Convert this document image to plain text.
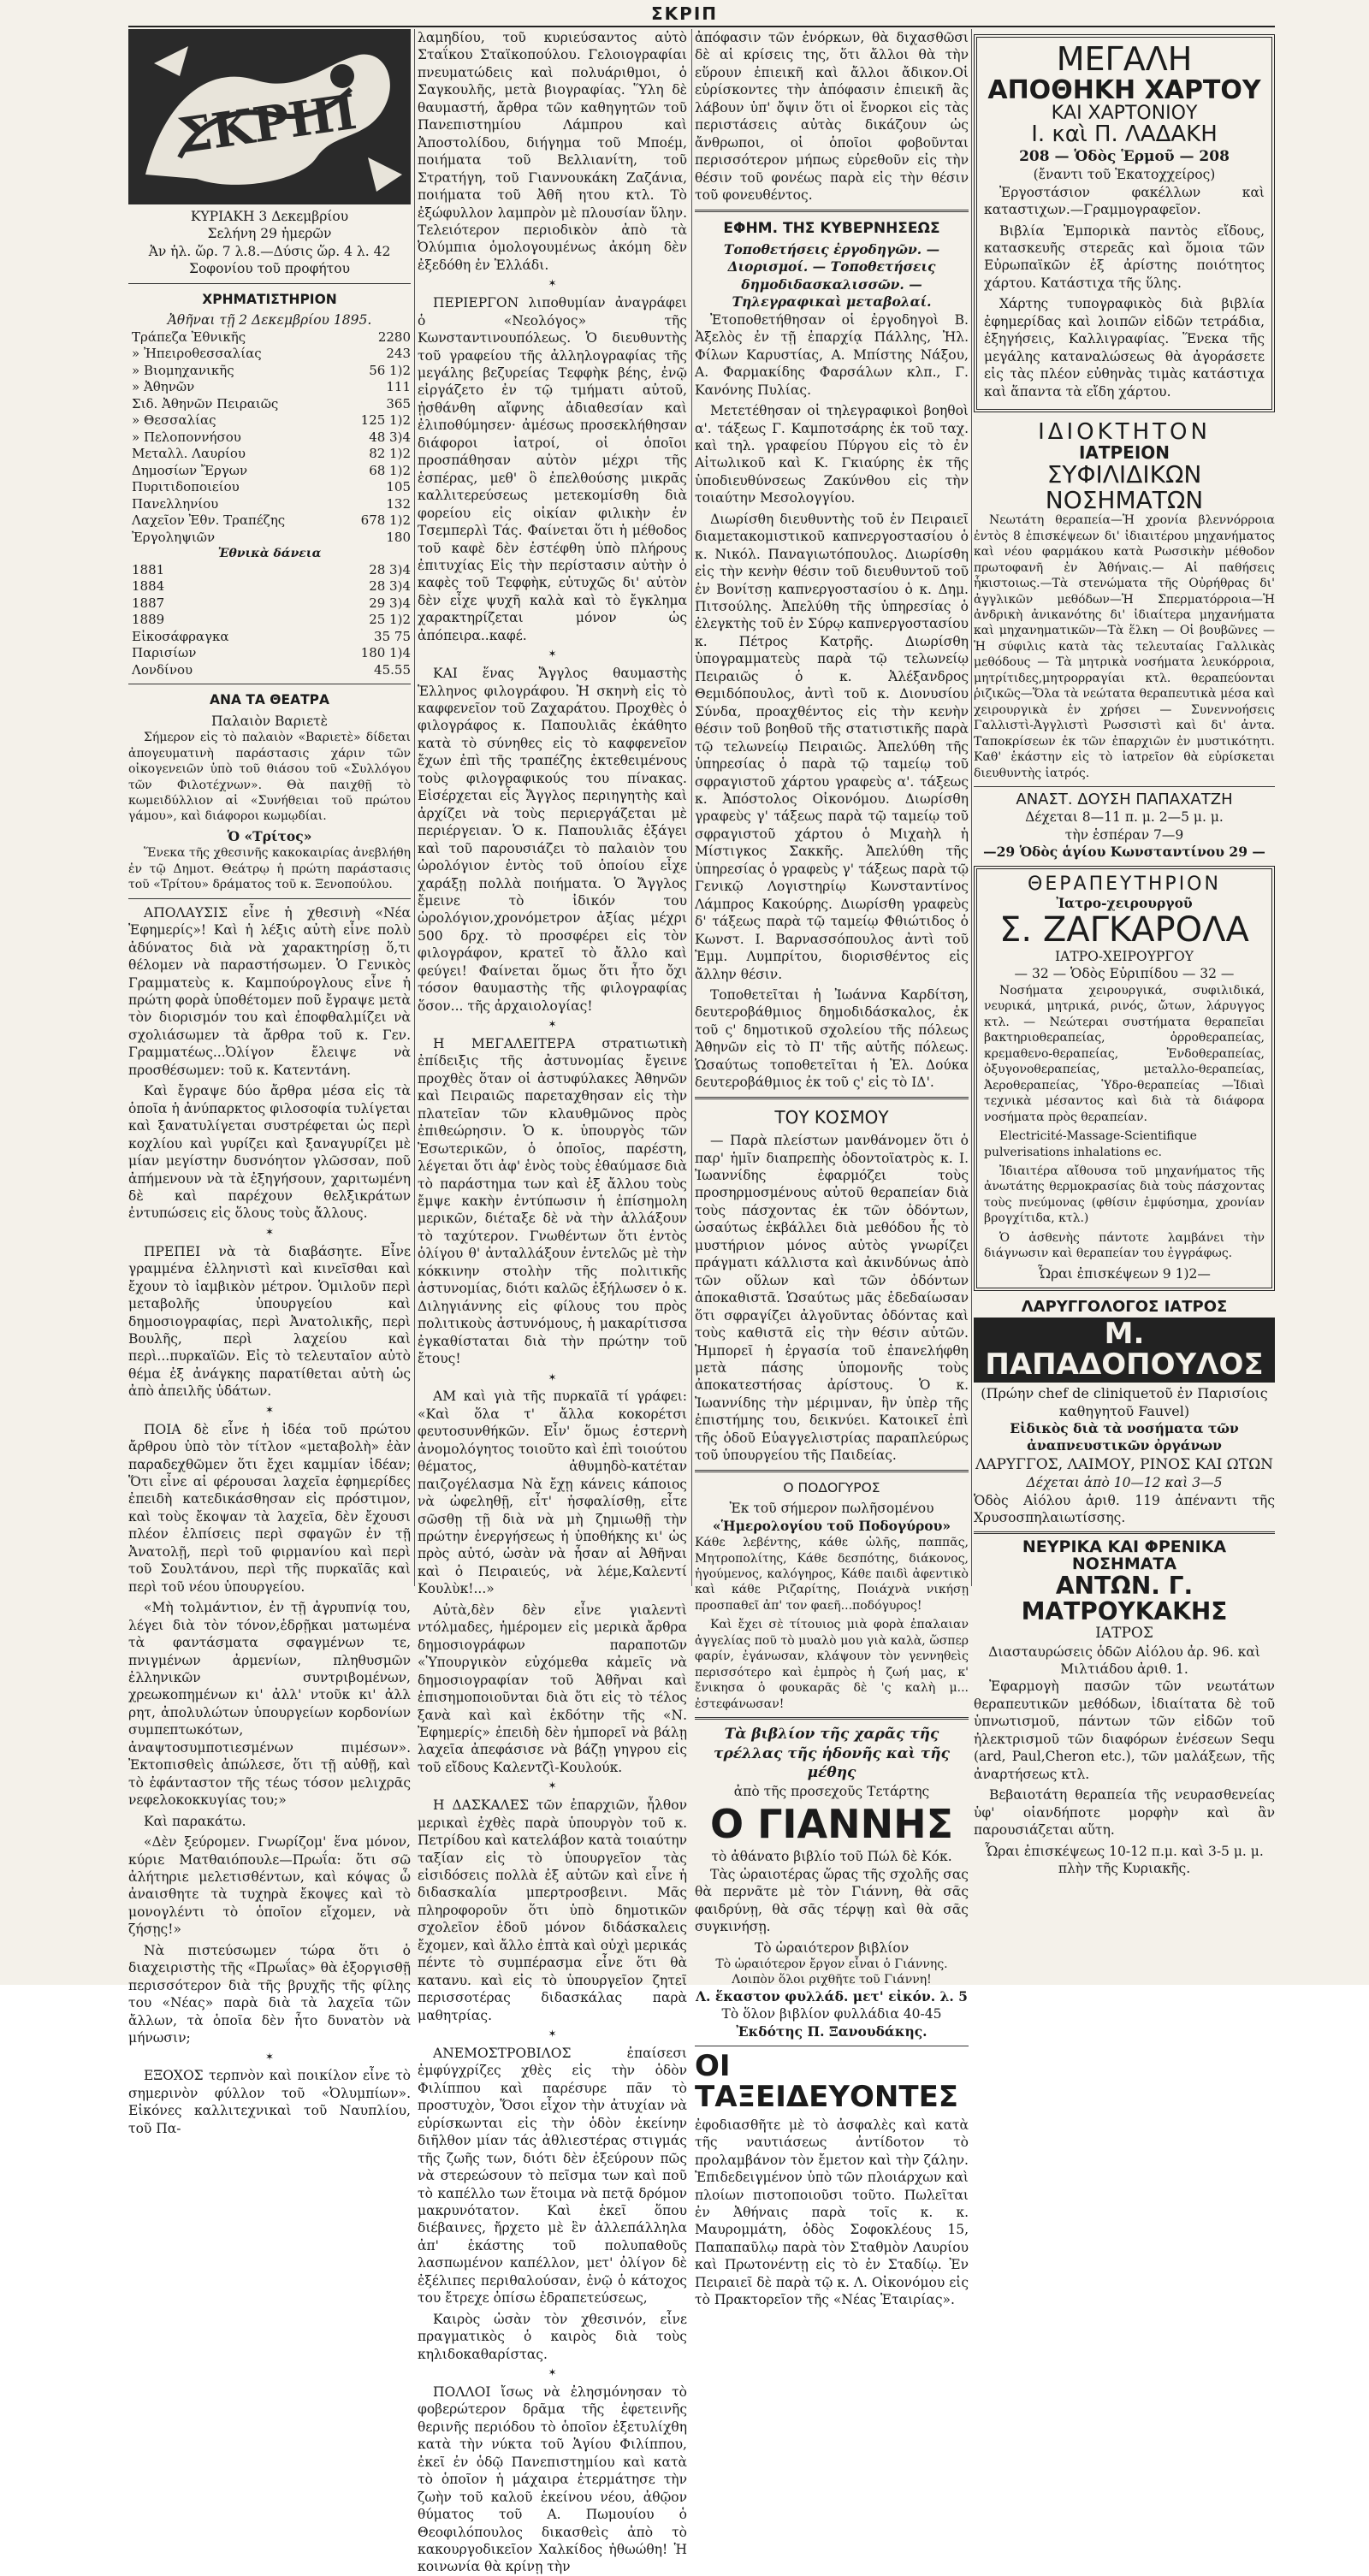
ΣΚΡΙΠ
ΣΚΡΙΠ
ΚΥΡΙΑΚΗ 3 Δεκεμβρίου
Σελήνη 29 ἡμερῶν
Ἀν ἡλ. ὥρ. 7 λ.8.—Δύσις ὥρ. 4 λ. 42
Σοφονίου τοῦ προφήτου
ΧΡΗΜΑΤΙΣΤΗΡΙΟΝ
Ἀθῆναι τῇ 2 Δεκεμβρίου 1895.
Τράπεζα Ἐθνικῆς	2280
» Ἠπειροθεσσαλίας	243
» Βιομηχανικῆς	56 1)2
» Ἀθηνῶν	111
Σιδ. Ἀθηνῶν Πειραιῶς	365
» Θεσσαλίας	125 1)2
» Πελοποννήσου	48 3)4
Μεταλλ. Λαυρίου	82 1)2
Δημοσίων Ἔργων	68 1)2
Πυριτιδοποιείου	105
Πανελληνίου	132
Λαχεῖον Ἐθν. Τραπέζης	678 1)2
Ἐργοληψιῶν	180
Ἐθνικὰ δάνεια
1881	28 3)4
1884	28 3)4
1887	29 3)4
1889	25 1)2
Εἰκοσάφραγκα	35 75
Παρισίων	180 1)4
Λονδίνου	45.55
ΑΝΑ ΤΑ ΘΕΑΤΡΑ
Παλαιὸν Βαριετὲ

Σήμερον εἰς τὸ παλαιὸν «Βαριετὲ» δίδεται ἀπογευματινὴ παράστασις χάριν τῶν οἰκογενειῶν ὑπὸ τοῦ θιάσου τοῦ «Συλλόγου τῶν Φιλοτέχνων». Θὰ παιχθῇ τὸ κωμειδύλλιον αἱ «Συνήθειαι τοῦ πρώτου γάμου», καὶ διάφοροι κωμῳδίαι.

Ὁ «Τρίτος»

Ἕνεκα τῆς χθεσινῆς κακοκαιρίας ἀνεβλήθη ἐν τῷ Δημοτ. Θεάτρῳ ἡ πρώτη παράστασις τοῦ «Τρίτου» δράματος τοῦ κ. Ξενοπούλου.

ΑΠΟΛΑΥΣΙΣ εἶνε ἡ χθεσινὴ «Νέα Ἐφημερίς»! Καὶ ἡ λέξις αὐτὴ εἶνε πολὺ ἀδύνατος διὰ νὰ χαρακτηρίσῃ ὅ,τι θέλομεν νὰ παραστήσωμεν. Ὁ Γενικὸς Γραμματεὺς κ. Καμπούρογλους εἶνε ἡ πρώτη φορὰ ὑποθέτομεν ποῦ ἔγραψε μετὰ τὸν διορισμόν του καὶ ἐποφθαλμίζει νὰ σχολιάσωμεν τὰ ἄρθρα τοῦ κ. Γεν. Γραμματέως...Ὀλίγον ἔλειψε νὰ προσθέσωμεν: τοῦ κ. Κατεντάνη.

Καὶ ἔγραψε δύο ἄρθρα μέσα εἰς τὰ ὁποῖα ἡ ἀνύπαρκτος φιλοσοφία τυλίγεται καὶ ξανατυλίγεται συστρέφεται ὡς περὶ κοχλίου καὶ γυρίζει καὶ ξαναγυρίζει μὲ μίαν μεγίστην δυσνόητον γλῶσσαν, ποῦ ἀπήμενουν νὰ τὰ ἐξηγήσουν, χαριτωμένη δὲ καὶ παρέχουν θελξικράτων ἐντυπώσεις εἰς ὅλους τοὺς ἄλλους.

✶

ΠΡΕΠΕΙ νὰ τὰ διαβάσητε. Εἶνε γραμμένα ἐλληνιστὶ καὶ κινεῖσθαι καὶ ἔχουν τὸ ἰαμβικὸν μέτρον. Ὁμιλοῦν περὶ μεταβολῆς ὑπουργείου καὶ δημοσιογραφίας, περὶ Ἀνατολικῆς, περὶ Βουλῆς, περὶ λαχείου καὶ περὶ...πυρκαϊῶν. Εἰς τὸ τελευταῖον αὐτὸ θέμα ἐξ ἀνάγκης παρατίθεται αὐτὴ ὡς ἀπὸ ἀπειλῆς ὑδάτων.

✶

ΠΟΙΑ δὲ εἶνε ἡ ἰδέα τοῦ πρώτου ἄρθρου ὑπὸ τὸν τίτλον «μεταβολὴ» ἐὰν παραδεχθῶμεν ὅτι ἔχει καμμίαν ἰδέαν; Ὅτι εἶνε αἱ φέρουσαι λαχεῖα ἐφημερίδες ἐπειδὴ κατεδικάσθησαν εἰς πρόστιμον, καὶ τοὺς ἔκοψαν τὰ λαχεῖα, δὲν ἔχουσι πλέον ἐλπίσεις περὶ σφαγῶν ἐν τῇ Ἀνατολῇ, περὶ τοῦ φιρμανίου καὶ περὶ τοῦ Σουλτάνου, περὶ τῆς πυρκαϊᾶς καὶ περὶ τοῦ νέου ὑπουργείου.

«Μὴ τολμάντιον, ἐν τῇ ἀγρυπνίᾳ του, λέγει διὰ τὸν τόνον,ἐδρῇκαι ματωμένα τὰ φαντάσματα σφαγμένων τε, πνιγμένων ἀρμενίων, πληθυσμῶν ἐλληνικῶν συντριβομένων, χρεωκοπημένων κι' ἀλλ' ντοῦκ κι' ἀλλ ρητ, ἀπολυλώτων ὑπουργείων κορδονίων συμπεπτωκότων, ἀναψτοσυμποτιεσμένων πιμέσων». Ἐκτοπισθεὶς ἀπώλεσε, ὅτι τῇ αὐθῇ, καὶ τὸ ἐφάνταστον τῆς τέως τόσον μελιχρᾶς νεφελοκοκκυγίας του;»

Καὶ παρακάτω.

«Δὲν ξεύρομεν. Γνωρίζομ' ἕνα μόνον, κύριε Ματθαιόπουλε—Πρωΐα: ὅτι σῶ ἀλήτηριε μελετισθέντων, καὶ κόψας ὦ ἀναισθητε τὰ τυχηρὰ ἔκοψες καὶ τὸ μονογλέντι τὸ ὁποῖον εἴχομεν, νὰ ζήσῃς!»

Νὰ πιστεύσωμεν τώρα ὅτι ὁ διαχειριστὴς τῆς «Πρωΐας» θὰ ἐξοργισθῇ περισσότερον διὰ τῆς βρυχῆς τῆς φίλης του «Νέας» παρὰ διὰ τὰ λαχεῖα τῶν ἄλλων, τὰ ὁποῖα δὲν ἦτο δυνατὸν νὰ μήνωσιν;

✶

ΕΞΟΧΟΣ τερπνὸν καὶ ποικίλον εἶνε τὸ σημερινὸν φύλλον τοῦ «Ὀλυμπίων». Εἰκόνες καλλιτεχνικαὶ τοῦ Ναυπλίου, τοῦ Πα-

λαμηδίου, τοῦ κυριεύσαντος αὐτὸ Σταΐκου Σταϊκοπούλου. Γελοιογραφίαι πνευματώδεις καὶ πολυάριθμοι, ὁ Σαγκουλῆς, μετὰ βιογραφίας. Ὕλη δὲ θαυμαστή, ἄρθρα τῶν καθηγητῶν τοῦ Πανεπιστημίου Λάμπρου καὶ Ἀποστολίδου, διήγημα τοῦ Μποέμ, ποιήματα τοῦ Βελλιανίτη, τοῦ Στρατήγη, τοῦ Γιαννουκάκη Ζαζάνια, ποιήματα τοῦ Ἀθῆ ητου κτλ. Τὸ ἐξώφυλλον λαμπρὸν μὲ πλουσίαν ὕλην. Τελειότερον περιοδικὸν ἀπὸ τὰ Ὀλύμπια ὁμολογουμένως ἀκόμη δὲν ἐξεδόθη ἐν Ἑλλάδι.

✶

ΠΕΡΙΕΡΓΟΝ λιποθυμίαν ἀναγράφει ὁ «Νεολόγος» τῆς Κωνσταντινουπόλεως. Ὁ διευθυντὴς τοῦ γραφείου τῆς ἀλληλογραφίας τῆς μεγάλης βεζυρείας Τεφφὴκ βέης, ἐνῷ εἰργάζετο ἐν τῷ τμήματι αὐτοῦ, ᾐσθάνθη αἴφνης ἀδιαθεσίαν καὶ ἐλιποθύμησεν· ἀμέσως προσεκλήθησαν διάφοροι ἰατροί, οἱ ὁποῖοι προσπάθησαν αὐτὸν μέχρι τῆς ἑσπέρας, μεθ' ὃ ἐπελθούσης μικρᾶς καλλιτερεύσεως μετεκομίσθη διὰ φορείου εἰς οἰκίαν φιλικὴν ἐν Τσεμπερλὶ Τάς. Φαίνεται ὅτι ἡ μέθοδος τοῦ καφὲ δὲν ἐστέφθη ὑπὸ πλήρους ἐπιτυχίας Εἰς τὴν περίστασιν αὐτὴν ὁ καφὲς τοῦ Τεφφὴκ, εὐτυχῶς δι' αὐτὸν δὲν εἶχε ψυχῆ καλὰ καὶ τὸ ἔγκλημα χαρακτηρίζεται μόνον ὡς ἀπόπειρα..καφέ.

✶

ΚΑΙ ἕνας Ἄγγλος θαυμαστὴς Ἑλληνος φιλογράφου. Ἡ σκηνὴ εἰς τὸ καφφενεῖον τοῦ Ζαχαράτου. Προχθὲς ὁ φιλογράφος κ. Παπουλιᾶς ἐκάθητο κατὰ τὸ σύνηθες εἰς τὸ καφφενεῖον ἔχων ἐπὶ τῆς τραπέζης ἐκτεθειμένους τοὺς φιλογραφικούς του πίνακας. Εἰσέρχεται εἷς Ἄγγλος περιηγητὴς καὶ ἀρχίζει νὰ τοὺς περιεργάζεται μὲ περιέργειαν. Ὁ κ. Παπουλιᾶς ἐξάγει καὶ τοῦ παρουσιάζει τὸ παλαιὸν του ὡρολόγιον ἐντὸς τοῦ ὁποίου εἶχε χαράξῃ πολλὰ ποιήματα. Ὁ Ἄγγλος ἔμεινε τὸ ἰδικόν του ὡρολόγιον,χρονόμετρον ἀξίας μέχρι 500 δρχ. τὸ προσφέρει εἰς τὸν φιλογράφον, κρατεῖ τὸ ἄλλο καὶ φεύγει! Φαίνεται ὅμως ὅτι ἦτο ὄχι τόσον θαυμαστὴς τῆς φιλογραφίας ὅσον... τῆς ἀρχαιολογίας!

✶

Η ΜΕΓΑΛΕΙΤΕΡΑ στρατιωτικὴ ἐπίδειξις τῆς ἀστυνομίας ἔγεινε προχθὲς ὅταν οἱ ἀστυφύλακες Ἀθηνῶν καὶ Πειραιῶς παρεταχθησαν εἰς τὴν πλατεῖαν τῶν κλαυθμῶνος πρὸς ἐπιθεώρησιν. Ὁ κ. ὑπουργὸς τῶν Ἐσωτερικῶν, ὁ ὁποῖος, παρέστη, λέγεται ὅτι ἀφ' ἑνὸς τοὺς ἐθαύμασε διὰ τὸ παράστημα των καὶ ἐξ ἄλλου τοὺς ἔμψε κακὴν ἐντύπωσιν ἡ ἐπίσημολη μερικῶν, διέταξε δὲ νὰ τὴν ἀλλάξουν τὸ ταχύτερον. Γνωθέντων ὅτι ἐντὸς ὀλίγου θ' ἀνταλλάξουν ἐντελῶς μὲ τὴν κόκκινην στολὴν τῆς πολιτικῆς ἀστυνομίας, διότι καλῶς ἐξήλωσεν ὁ κ. Διληγιάννης εἰς φίλους του πρὸς πολιτικοὺς ἀστυνόμους, ἡ μακαρίτισσα ἐγκαθίσταται διὰ τὴν πρώτην τοῦ ἔτους!

✶

ΑΜ καὶ γιὰ τῆς πυρκαϊᾶ τί γράφει: «Καὶ ὅλα τ' ἄλλα κοκορέτσι φευτοσυνθήκῶν. Εἶν' ὅμως ἐστερνὴ ἀνομολόγητος τοιοῦτο καὶ ἐπὶ τοιούτου θέματος, ἀθυμηδὸ-κατέταν παιζογέλασμα Νὰ ἔχῃ κάνεις κάποιος νὰ ὠφεληθῇ, εἶτ' ἡσφαλίσθῃ, εἶτε σῶσθῃ τῇ διὰ νὰ μὴ ζημιωθῇ τὴν πρώτην ἐνεργήσεως ἡ ὑποθήκης κι' ὡς πρὸς αὐτό, ὡσὰν νὰ ἦσαν αἱ Ἀθῆναι καὶ ὁ Πειραιεύς, νὰ λέμε,Καλεντί Κουλὺκ!...»

Αὐτὰ,δὲν δὲν εἶνε γιαλεντὶ ντόλμαδες, ἡμέρομεν εἰς μερικὰ ἄρθρα δημοσιογράφων παραποτῶν «Ὑπουργικὸν εὐχόμεθα κἀμεῖς νὰ δημοσιογραφίαν τοῦ Ἀθῆναι καὶ ἐπισημοποιοῦνται διὰ ὅτι εἰς τὸ τέλος ξανὰ καὶ καὶ ἐκδότην τῆς «Ν. Ἐφημερίς» ἐπειδὴ δὲν ἠμπορεῖ νὰ βάλῃ λαχεῖα ἀπεφάσισε νὰ βάζῃ γηγρου εἰς τοῦ εἴδους Καλεντζὶ-Κουλούκ.

✶

Η ΔΑΣΚΑΛΕΣ τῶν ἐπαρχιῶν, ἦλθον μερικαὶ ἐχθὲς παρὰ ὑπουργὸν τοῦ κ. Πετρίδου καὶ κατελάβον κατὰ τοιαύτην ταξίαν εἰς τὸ ὑπουργεῖον τὰς εἰσιδόσεις πολλὰ ἐξ αὐτῶν καὶ εἶνε ἡ διδασκαλία μπερτροσβεινι. Μᾶς πληροφοροῦν ὅτι ὑπὸ δημοτικῶν σχολεῖον ἐδοῦ μόνον διδάσκαλεις ἔχομεν, καὶ ἄλλο ἐπτὰ καὶ οὐχὶ μερικάς πέντε τὸ συμπέρασμα εἶνε ὅτι θὰ κατανυ. καὶ εἰς τὸ ὑπουργεῖον ζητεῖ περισσοτέρας διδασκάλας παρὰ μαθητρίας.

✶

ΑΝΕΜΟΣΤΡΟΒΙΛΟΣ ἐπαίσεσι ἐμφύγχρίζες χθὲς εἰς τὴν ὁδὸν Φιλίππου καὶ παρέσυρε πᾶν τὸ προστυχὸν, Ὅσοι εἶχον τὴν ἀτυχίαν νὰ εὑρίσκωνται εἰς τὴν ὁδὸν ἐκείνην διῆλθον μίαν τάς ἀθλιεστέρας στιγμάς τῆς ζωῆς των, διότι δὲν ἐξεύρουν πῶς νὰ στερεώσουν τὸ πεῖσμα των καὶ ποῦ τὸ καπέλλο των ἕτοιμα νὰ πετᾷ δρόμον μακρυνότατον. Καὶ ἐκεῖ ὅπου διέβαινες, ἤρχετο μὲ ἓν ἀλλεπάλληλα ἀπ' ἑκάστης τοῦ πολυπαθοῦς λασπωμένον καπέλλον, μετ' ὀλίγον δὲ ἐξέλιπες περιθαλούσαν, ἐνῷ ὁ κάτοχος του ἔτρεχε ὀπίσω ἐδραπετεύσεως,

Καιρὸς ὡσὰν τὸν χθεσινόν, εἶνε πραγματικὸς ὁ καιρὸς διὰ τοὺς κηλιδοκαθαρίστας.

✶

ΠΟΛΛΟΙ ἴσως νὰ ἐλησμόνησαν τὸ φοβερώτερον δρᾶμα τῆς ἐφετεινῆς θερινῆς περιόδου τὸ ὁποῖον ἐξετυλίχθη κατὰ τὴν νύκτα τοῦ Ἁγίου Φιλίππου, ἐκεῖ ἐν ὁδῷ Πανεπιστημίου καὶ κατὰ τὸ ὁποῖον ἡ μάχαιρα ἐτερμάτησε τὴν ζωὴν τοῦ καλοῦ ἐκείνου νέου, ἀθῷον θύματος τοῦ Α. Πωμουίου ὁ Θεοφιλόπουλος δικασθεὶς ἀπὸ τὸ κακουργοδικεῖον Χαλκίδος ἠθωώθη! Ἡ κοινωνία θὰ κρίνῃ τὴν

ἀπόφασιν τῶν ἐνόρκων, θὰ διχασθῶσι δὲ αἱ κρίσεις της, ὅτι ἄλλοι θὰ τὴν εὕρουν ἐπιεικῆ καὶ ἄλλοι ἄδικον.Οἱ εὑρίσκοντες τὴν ἀπόφασιν ἐπιεικῆ ἂς λάβουν ὑπ' ὄψιν ὅτι οἱ ἔνορκοι εἰς τὰς περιστάσεις αὐτὰς δικάζουν ὡς ἄνθρωποι, οἱ ὁποῖοι φοβοῦνται περισσότερον μήπως εὑρεθοῦν εἰς τὴν θέσιν τοῦ φονέως παρὰ εἰς τὴν θέσιν τοῦ φονευθέντος.

ΕΦΗΜ. ΤΗΣ ΚΥΒΕΡΝΗΣΕΩΣ
Τοποθετήσεις ἐργοδηγῶν. — Διορισμοί. — Τοποθετήσεις δημοδιδασκαλισσῶν. — Τηλεγραφικαὶ μεταβολαί.

Ἐτοποθετήθησαν οἱ ἐργοδηγοὶ Β. Ἀξελὸς ἐν τῇ ἐπαρχίᾳ Πάλλης, Ἠλ. Φίλων Καρυστίας, Α. Μπίστης Νάξου, Α. Φαρμακίδης Φαρσάλων κλπ., Γ. Κανόνης Πυλίας.

Μετετέθησαν οἱ τηλεγραφικοὶ βοηθοὶ α'. τάξεως Γ. Καμποτσάρης ἐκ τοῦ ταχ. καὶ τηλ. γραφείου Πύργου εἰς τὸ ἐν Αἰτωλικοῦ καὶ Κ. Γκιαύρης ἐκ τῆς ὑποδιευθύνσεως Ζακύνθου εἰς τὴν τοιαύτην Μεσολογγίου.

Διωρίσθη διευθυντὴς τοῦ ἐν Πειραιεῖ διαμετακομιστικοῦ καπνεργοστασίου ὁ κ. Νικόλ. Παναγιωτόπουλος. Διωρίσθη εἰς τὴν κενὴν θέσιν τοῦ διευθυντοῦ τοῦ ἐν Βονίτσῃ καπνεργοστασίου ὁ κ. Δημ. Πιτσούλης. Ἀπελύθη τῆς ὑπηρεσίας ὁ ἐλεγκτὴς τοῦ ἐν Σύρῳ καπνεργοστασίου κ. Πέτρος Κατρῆς. Διωρίσθη ὑπογραμματεὺς παρὰ τῷ τελωνείῳ Πειραιῶς ὁ κ. Ἀλέξανδρος Θεμιδόπουλος, ἀντὶ τοῦ κ. Διονυσίου Σύνδα, προαχθέντος εἰς τὴν κενὴν θέσιν τοῦ βοηθοῦ τῆς στατιστικῆς παρὰ τῷ τελωνείῳ Πειραιῶς. Ἀπελύθη τῆς ὑπηρεσίας ὁ παρὰ τῷ ταμείῳ τοῦ σφραγιστοῦ χάρτου γραφεὺς α'. τάξεως κ. Ἀπόστολος Οἰκονόμου. Διωρίσθη γραφεὺς γ' τάξεως παρὰ τῷ ταμείῳ τοῦ σφραγιστοῦ χάρτου ὁ Μιχαὴλ ἡ Μίστιγκος Σακκῆς. Ἀπελύθη τῆς ὑπηρεσίας ὁ γραφεὺς γ' τάξεως παρὰ τῷ Γενικῷ Λογιστηρίῳ Κωνσταντίνος Λάμπρος Κακούρης. Διωρίσθη γραφεὺς δ' τάξεως παρὰ τῷ ταμείῳ Φθιώτιδος ὁ Κωνστ. Ι. Βαρνασσόπουλος ἀντὶ τοῦ Ἐμμ. Λυμπρίτου, διορισθέντος εἰς ἄλλην θέσιν.

Τοποθετεῖται ἡ Ἰωάννα Καρδίτση, δευτεροβάθμιος δημοδιδάσκαλος, ἐκ τοῦ ς' δημοτικοῦ σχολείου τῆς πόλεως Ἀθηνῶν εἰς τὸ Π' τῆς αὐτῆς πόλεως. Ὡσαύτως τοποθετεῖται ἡ Ἐλ. Δούκα δευτεροβάθμιος ἐκ τοῦ ς' εἰς τὸ ΙΔ'.

ΤΟΥ ΚΟΣΜΟΥ

— Παρὰ πλείστων μανθάνομεν ὅτι ὁ παρ' ἡμῖν διαπρεπὴς ὀδοντοϊατρὸς κ. Ι. Ἰωαννίδης ἐφαρμόζει τοὺς προσηρμοσμένους αὐτοῦ θεραπείαν διὰ τοὺς πάσχοντας ἐκ τῶν ὀδόντων, ὡσαύτως ἐκβάλλει διὰ μεθόδου ἧς τὸ μυστήριον μόνος αὐτὸς γνωρίζει πράγματι κάλλιστα καὶ ἀκινδύνως ἀπὸ τῶν οὕλων καὶ τῶν ὀδόντων ἀποκαθιστᾶ. Ὡσαύτως μᾶς ἐδεδαίωσαν ὅτι σφραγίζει ἀλγοῦντας ὀδόντας καὶ τοὺς καθιστᾶ εἰς τὴν θέσιν αὐτῶν. Ἠμπορεῖ ἡ ἐργασία τοῦ ἐπανελήφθη μετὰ πάσης ὑπομονῆς τοὺς ἀποκατεστήσας ἀρίστους. Ὁ κ. Ἰωαννίδης τὴν μέριμναν, ἣν ὑπὲρ τῆς ἐπιστήμης του, δεικνύει. Κατοικεῖ ἐπὶ τῆς ὁδοῦ Εὐαγγελιστρίας παραπλεύρως τοῦ ὑπουργείου τῆς Παιδείας.

Ο ΠΟΔΟΓΥΡΟΣ
Ἐκ τοῦ σήμερον πωλῆσομένου
«Ἡμερολογίου τοῦ Ποδογύρου»

Κάθε λεβέντης, κάθε ὡλῆς, παππᾶς, Μητροπολίτης, Κάθε δεσπότης, διάκονος, ἡγούμενος, καλόγηρος, Κάθε παιδὶ ἀφεντικὸ καὶ κάθε Ριζαρίτης, Ποιάχνὰ νικήσῃ προσπαθεῖ ἀπ' τον φαεῆ...ποδόγυρος!

Καὶ ἔχει σὲ τίτουιος μιὰ φορὰ ἐπαλαιαν ἀγγελίας ποῦ τὸ μυαλὸ μου γιὰ καλὰ, ὥσπερ φαρίν, ἐγάνωσαν, κλάψουν τὸν γεννηθεὶς περισσότερο καὶ ἐμπρὸς ἡ ζωή μας, κ' ἔνικησα ὁ φουκαρᾶς δὲ 'ς καλὴ μ... ἐστεφάνωσαν!

Τὰ βιβλίον τῆς χαρᾶς τῆς τρέλλας τῆς ἡδονῆς καὶ τῆς μέθης
ἀπὸ τῆς προσεχοῦς Τετάρτης
Ο ΓΙΑΝΝΗΣ
τὸ ἀθάνατο βιβλίο τοῦ Πώλ δὲ Κόκ.

Τὰς ὡραιοτέρας ὥρας τῆς σχολῆς σας θὰ περνᾶτε μὲ τὸν Γιάννη, θὰ σᾶς φαιδρύνῃ, θὰ σᾶς τέρψῃ καὶ θὰ σᾶς συγκινήσῃ.

Τὸ ὡραιότερον βιβλίον
Τὸ ὡραιότερον ἔργον εἶναι ὁ Γιάννης. Λοιπὸν ὅλοι ριχθῆτε τοῦ Γιάννη!
Λ. ἕκαστον φυλλάδ. μετ' εἰκόν. λ. 5
Τὸ ὅλον βιβλίον φυλλάδια 40-45
Ἐκδότης Π. Ξανουδάκης.
ΟΙ ΤΑΞΕΙΔΕΥΟΝΤΕΣ

ἐφοδιασθῆτε μὲ τὸ ἀσφαλὲς καὶ κατὰ τῆς ναυτιάσεως ἀντίδοτον τὸ προλαμβάνον τὸν ἔμετον καὶ τὴν ζάλην. Ἐπιδεδειγμένον ὑπὸ τῶν πλοιάρχων καὶ πλοίων πιστοποιοῦσι τοῦτο. Πωλεῖται ἐν Ἀθήναις παρὰ τοῖς κ. κ. Μαυρομμάτη, ὁδὸς Σοφοκλέους 15, Παπαπαῦλῳ παρὰ τὸν Σταθμὸν Λαυρίου καὶ Πρωτονέντῃ εἰς τὸ ἐν Σταδίῳ. Ἐν Πειραιεῖ δὲ παρὰ τῷ κ. Λ. Οἰκονόμου εἰς τὸ Πρακτορεῖον τῆς «Νέας Ἑταιρίας».

ΜΕΓΑΛΗ
ΑΠΟΘΗΚΗ ΧΑΡΤΟΥ
ΚΑΙ ΧΑΡΤΟΝΙΟΥ
Ι. καὶ Π. ΛΑΔΑΚΗ
208 — Ὁδὸς Ἑρμοῦ — 208
(ἔναντι τοῦ Ἑκατοχχείρος)

Ἐργοστάσιον φακέλλων καὶ καταστιχων.—Γραμμογραφεῖον.

Βιβλία Ἐμπορικὰ παντὸς εἴδους, κατασκευῆς στερεᾶς καὶ ὅμοια τῶν Εὐρωπαϊκῶν ἐξ ἀρίστης ποιότητος χάρτου. Κατάστιχα τῆς ὕλης.

Χάρτης τυπογραφικὸς διὰ βιβλία ἐφημερίδας καὶ λοιπῶν εἰδῶν τετράδια, ἐξηγήσεις, Καλλιγραφίας. Ἕνεκα τῆς μεγάλης καταναλώσεως θὰ ἀγοράσετε εἰς τὰς πλέον εὐθηνὰς τιμὰς κατάστιχα καὶ ἅπαντα τὰ εἴδη χάρτου.

ΙΔΙΟΚΤΗΤΟΝ
ΙΑΤΡΕΙΟΝ
ΣΥΦΙΛΙΔΙΚΩΝ ΝΟΣΗΜΑΤΩΝ

Νεωτάτη θεραπεία—Ἡ χρονία βλεννόρροια ἐντὸς 8 ἐπισκέψεων δι' ἰδιαιτέρου μηχανήματος καὶ νέου φαρμάκου κατὰ Ρωσσικὴν μέθοδον πρωτοφανῆ ἐν Ἀθήναις.— Αἱ παθήσεις ἧκιστοιως.—Τὰ στενώματα τῆς Οὐρήθρας δι' ἀγγλικῶν μεθόδων—Ἡ Σπερματόρροια—Ἡ ἀνδρικὴ ἀνικανότης δι' ἰδιαίτερα μηχανήματα καὶ μηχανηματικῶν—Τὰ ἕλκη — Οἱ βουβῶνες — Ἡ σύφιλις κατὰ τὰς τελευταίας Γαλλικὰς μεθόδους — Τὰ μητρικὰ νοσήματα λευκόρροια, μητρίτιδες,μητρορραγίαι κτλ. θεραπεύονται ῥιζικῶς—Ὅλα τὰ νεώτατα θεραπευτικὰ μέσα καὶ χειρουργικὰ ἐν χρήσει — Συνεννοήσεις Γαλλιστὶ-Ἀγγλιστὶ Ρωσσιστὶ καὶ δι' ἀντα. Ταποκρίσεων ἐκ τῶν ἐπαρχιῶν ἐν μυστικότητι. Καθ' ἑκάστην εἰς τὸ ἰατρεῖον θὰ εὑρίσκεται διευθυντὴς ἰατρός.

ΑΝΑΣΤ. ΔΟΥΣΗ ΠΑΠΑΧΑΤΖΗ
Δέχεται 8—11 π. μ. 2—5 μ. μ.
τὴν ἑσπέραν 7—9
—29 Ὁδὸς ἁγίου Κωνσταντίνου 29 —
ΘΕΡΑΠΕΥΤΗΡΙΟΝ
Ἰατρο-χειρουργοῦ
Σ. ΖΑΓΚΑΡΟΛΑ
ΙΑΤΡΟ-ΧΕΙΡΟΥΡΓΟΥ
— 32 — Ὁδὸς Εὐριπίδου — 32 —

Νοσήματα χειρουργικά, συφιλιδικά, νευρικά, μητρικά, ρινός, ὤτων, λάρυγγος κτλ. — Νεώτεραι συστήματα θεραπεῖαι βακτηριοθεραπείας, ὀρροθεραπείας, κρεμαθενο-θεραπείας, Ἐνδοθεραπείας, ὀξυγονοθεραπείας, μεταλλο-θεραπείας, Ἀεροθεραπείας, Ὑδρο-θεραπείας —Ἰδιαὶ τεχνικὰ μέσαντος καὶ διὰ τὰ διάφορα νοσήματα πρὸς θεραπείαν.

Electricité-Massage-Scientifique pulverisations inhalations ec.

Ἰδιαιτέρα αἴθουσα τοῦ μηχανήματος τῆς ἀνωτάτης θερμοκρασίας διὰ τοὺς πάσχοντας τοὺς πνεύμονας (φθίσιν ἐμφύσημα, χρονίαν βρογχίτιδα, κτλ.)

Ὁ ἀσθενὴς πάντοτε λαμβάνει τὴν διάγνωσιν καὶ θεραπείαν του ἐγγράφως.

Ὧραι ἐπισκέψεων 9 1)2—
ΛΑΡΥΓΓΟΛΟΓΟΣ ΙΑΤΡΟΣ
Μ. ΠΑΠΑΔΟΠΟΥΛΟΣ
(Πρώην chef de cliniqueτοῦ ἐν Παρισίοις καθηγητοῦ Fauvel)
Εἰδικὸς διὰ τὰ νοσήματα τῶν ἀναπνευστικῶν ὀργάνων
ΛΑΡΥΓΓΟΣ, ΛΑΙΜΟΥ, ΡΙΝΟΣ ΚΑΙ ΩΤΩΝ
Δέχεται ἀπὸ 10—12 καὶ 3—5

Ὁδὸς Αἰόλου ἀριθ. 119 ἀπέναντι τῆς Χρυσοσπηλαιωτίσσης.

ΝΕΥΡΙΚΑ ΚΑΙ ΦΡΕΝΙΚΑ ΝΟΣΗΜΑΤΑ
ΑΝΤΩΝ. Γ. ΜΑΤΡΟΥΚΑΚΗΣ
ΙΑΤΡΟΣ
Διασταυρώσεις ὁδῶν Αἰόλου ἀρ. 96. καὶ Μιλτιάδου ἀριθ. 1.

Ἐφαρμογὴ πασῶν τῶν νεωτάτων θεραπευτικῶν μεθόδων, ἰδιαίτατα δὲ τοῦ ὑπνωτισμοῦ, πάντων τῶν εἰδῶν τοῦ ἠλεκτρισμοῦ τῶν διαφόρων ἐνέσεων Sequ (ard, Paul,Cheron etc.), τῶν μαλάξεων, τῆς ἀναρτήσεως κτλ.

Βεβαιοτάτη θεραπεία τῆς νευρασθενείας ὑφ' οἱανδήποτε μορφὴν καὶ ἂν παρουσιάζεται αὕτη.

Ὧραι ἐπισκέψεως 10-12 π.μ. καὶ 3-5 μ. μ. πλὴν τῆς Κυριακῆς.
